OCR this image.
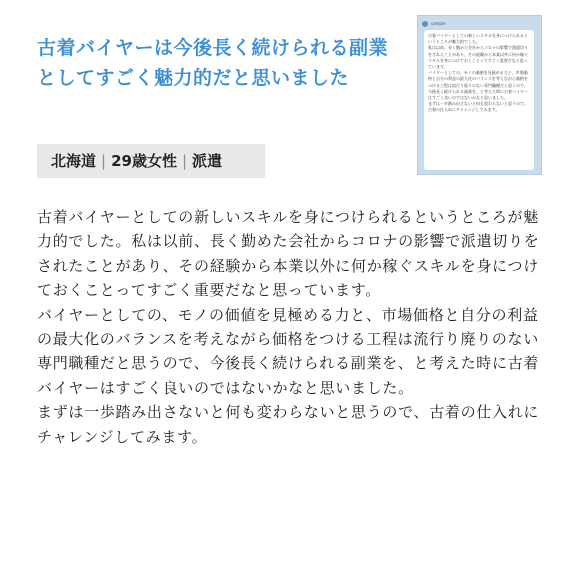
古着バイヤーは今後長く続けられる副業としてすごく魅力的だと思いました
北海道 | 29歳女性 | 派遣
sample
古着バイヤーとしての新しいスキルを身につけられるというところが魅力的でした。
私は以前、長く勤めた会社からコロナの影響で派遣切りをされたことがあり、その経験から本業以外に何か稼ぐスキルを身につけておくことってすごく重要だなと思っています。
バイヤーとしての、モノの価値を見極める力と、市場価格と自分の利益の最大化のバランスを考えながら価格をつける工程は流行り廃りのない専門職種だと思うので、今後長く続けられる副業を、と考えた時に古着バイヤーはすごく良いのではないかなと思いました。
まずは一歩踏み出さないと何も変わらないと思うので、古着の仕入れにチャレンジしてみます。

古着バイヤーとしての新しいスキルを身につけられるというところが魅力的でした。私は以前、長く勤めた会社からコロナの影響で派遣切りをされたことがあり、その経験から本業以外に何か稼ぐスキルを身につけておくことってすごく重要だなと思っています。

バイヤーとしての、モノの価値を見極める力と、市場価格と自分の利益の最大化のバランスを考えながら価格をつける工程は流行り廃りのない専門職種だと思うので、今後長く続けられる副業を、と考えた時に古着バイヤーはすごく良いのではないかなと思いました。

まずは一歩踏み出さないと何も変わらないと思うので、古着の仕入れにチャレンジしてみます。
